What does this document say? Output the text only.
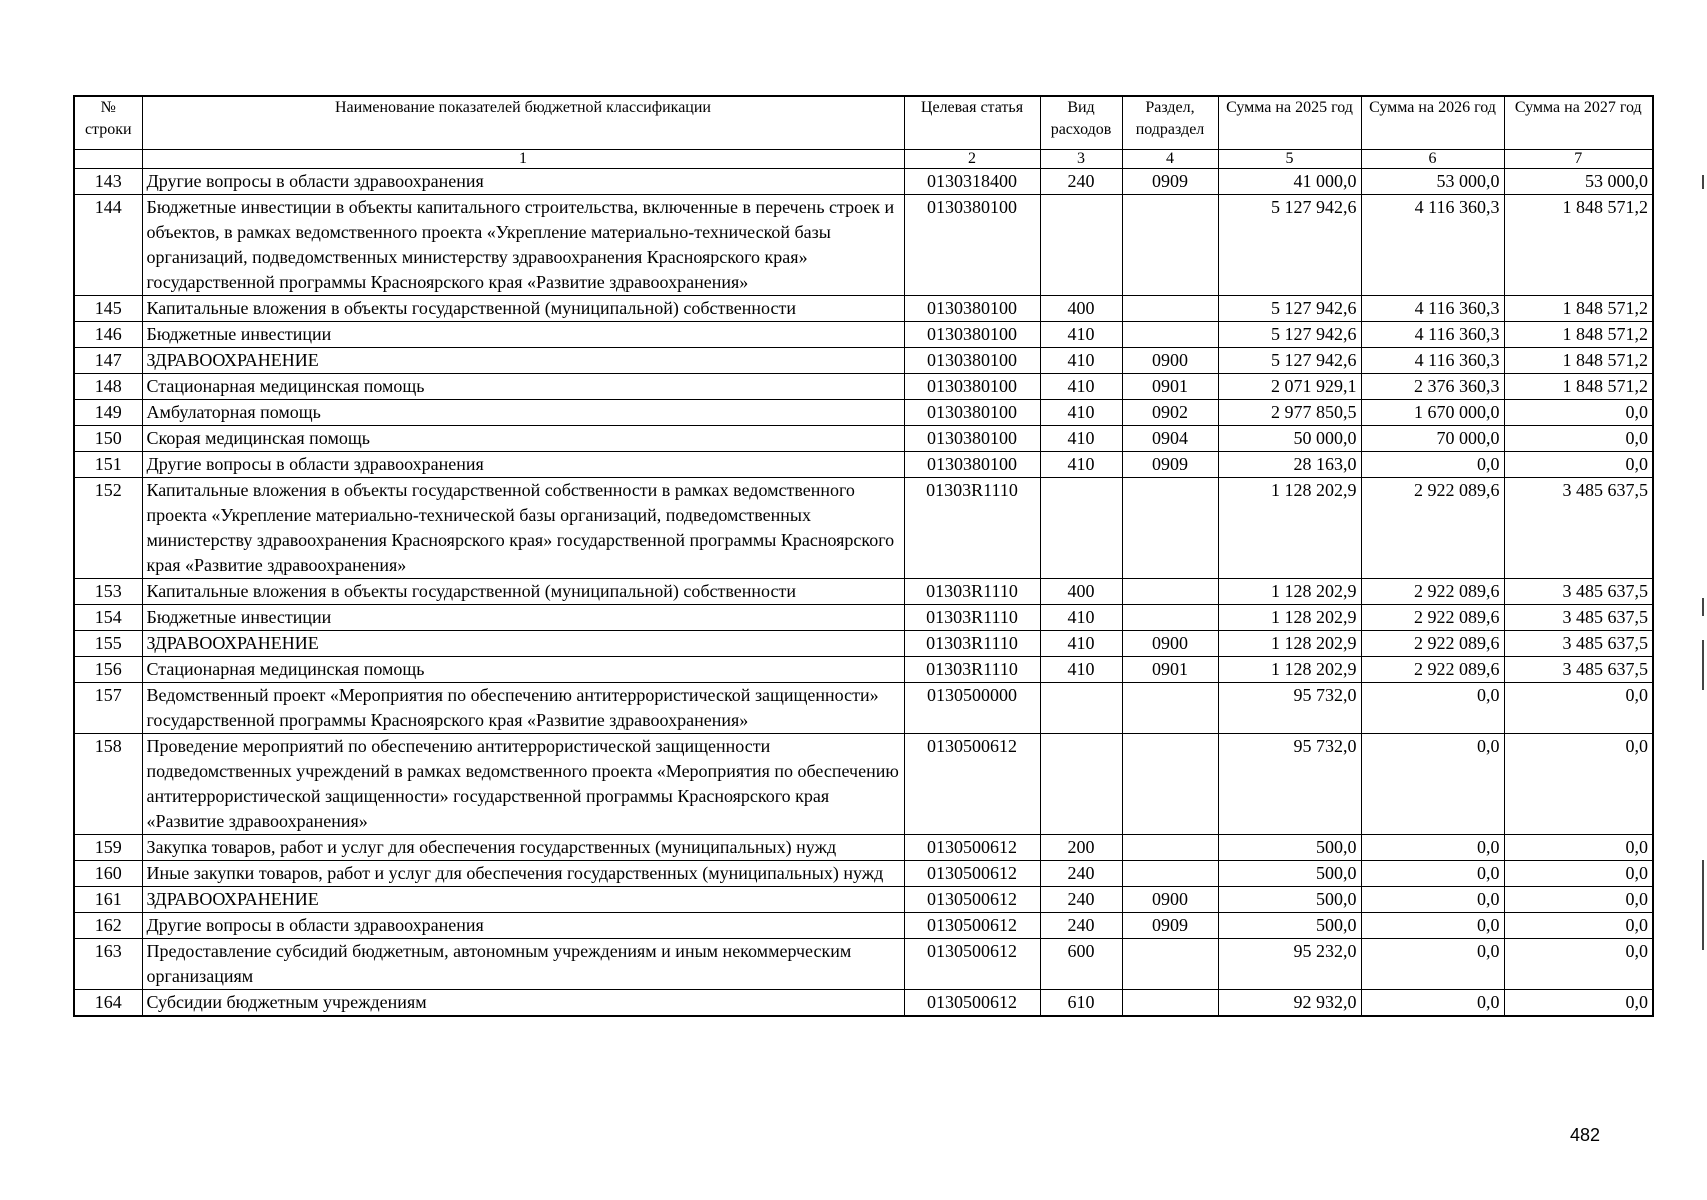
№ строки	Наименование показателей бюджетной классификации	Целевая статья	Вид расходов	Раздел, подраздел	Сумма на 2025 год	Сумма на 2026 год	Сумма на 2027 год
	1	2	3	4	5	6	7
143	Другие вопросы в области здравоохранения	0130318400	240	0909	41 000,0	53 000,0	53 000,0
144	Бюджетные инвестиции в объекты капитального строительства, включенные в перечень строек и объектов, в рамках ведомственного проекта «Укрепление материально-технической базы организаций, подведомственных министерству здравоохранения Красноярского края» государственной программы Красноярского края «Развитие здравоохранения»	0130380100			5 127 942,6	4 116 360,3	1 848 571,2
145	Капитальные вложения в объекты государственной (муниципальной) собственности	0130380100	400		5 127 942,6	4 116 360,3	1 848 571,2
146	Бюджетные инвестиции	0130380100	410		5 127 942,6	4 116 360,3	1 848 571,2
147	ЗДРАВООХРАНЕНИЕ	0130380100	410	0900	5 127 942,6	4 116 360,3	1 848 571,2
148	Стационарная медицинская помощь	0130380100	410	0901	2 071 929,1	2 376 360,3	1 848 571,2
149	Амбулаторная помощь	0130380100	410	0902	2 977 850,5	1 670 000,0	0,0
150	Скорая медицинская помощь	0130380100	410	0904	50 000,0	70 000,0	0,0
151	Другие вопросы в области здравоохранения	0130380100	410	0909	28 163,0	0,0	0,0
152	Капитальные вложения в объекты государственной собственности в рамках ведомственного проекта «Укрепление материально-технической базы организаций, подведомственных министерству здравоохранения Красноярского края» государственной программы Красноярского края «Развитие здравоохранения»	01303R1110			1 128 202,9	2 922 089,6	3 485 637,5
153	Капитальные вложения в объекты государственной (муниципальной) собственности	01303R1110	400		1 128 202,9	2 922 089,6	3 485 637,5
154	Бюджетные инвестиции	01303R1110	410		1 128 202,9	2 922 089,6	3 485 637,5
155	ЗДРАВООХРАНЕНИЕ	01303R1110	410	0900	1 128 202,9	2 922 089,6	3 485 637,5
156	Стационарная медицинская помощь	01303R1110	410	0901	1 128 202,9	2 922 089,6	3 485 637,5
157	Ведомственный проект «Мероприятия по обеспечению антитеррористической защищенности» государственной программы Красноярского края «Развитие здравоохранения»	0130500000			95 732,0	0,0	0,0
158	Проведение мероприятий по обеспечению антитеррористической защищенности подведомственных учреждений в рамках ведомственного проекта «Мероприятия по обеспечению антитеррористической защищенности» государственной программы Красноярского края «Развитие здравоохранения»	0130500612			95 732,0	0,0	0,0
159	Закупка товаров, работ и услуг для обеспечения государственных (муниципальных) нужд	0130500612	200		500,0	0,0	0,0
160	Иные закупки товаров, работ и услуг для обеспечения государственных (муниципальных) нужд	0130500612	240		500,0	0,0	0,0
161	ЗДРАВООХРАНЕНИЕ	0130500612	240	0900	500,0	0,0	0,0
162	Другие вопросы в области здравоохранения	0130500612	240	0909	500,0	0,0	0,0
163	Предоставление субсидий бюджетным, автономным учреждениям и иным некоммерческим организациям	0130500612	600		95 232,0	0,0	0,0
164	Субсидии бюджетным учреждениям	0130500612	610		92 932,0	0,0	0,0
482
